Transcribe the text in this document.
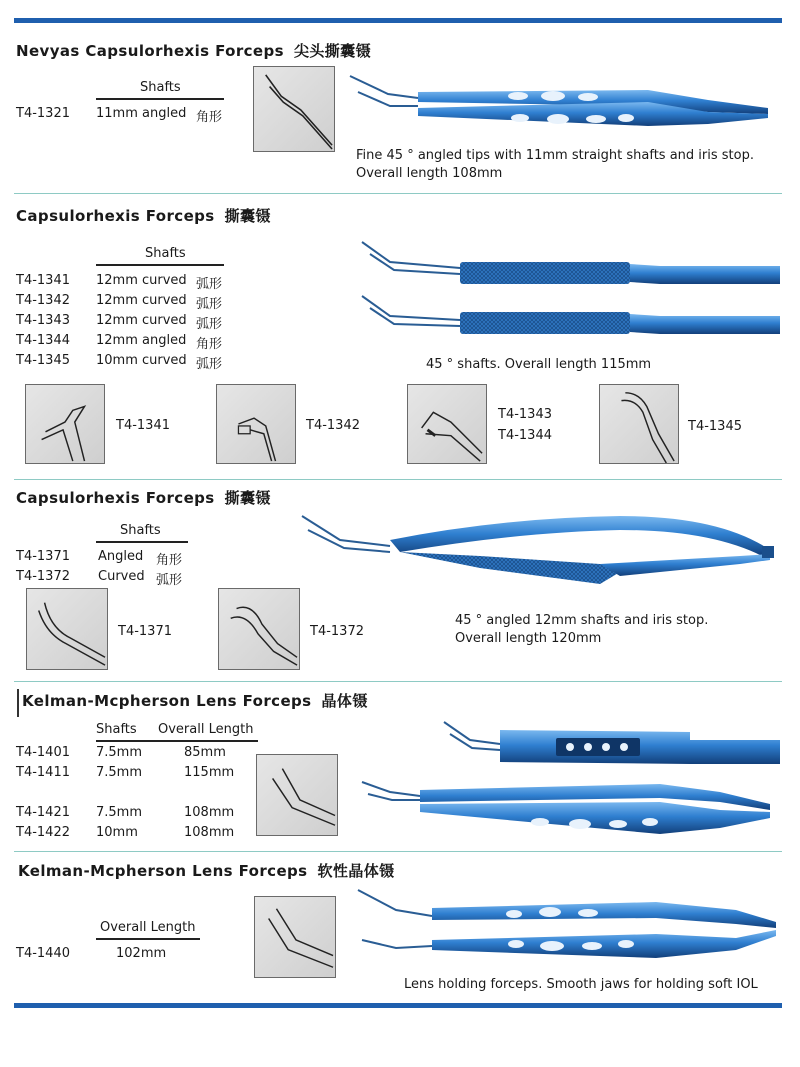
Nevyas Capsulorhexis Forceps 尖头撕囊镊
Shafts
T4-1321 11mm angled 角形
Fine 45 ° angled tips with 11mm straight shafts and iris stop.
Overall length 108mm
Capsulorhexis Forceps 撕囊镊
Shafts
T4-1341 12mm curved 弧形
T4-1342 12mm curved 弧形
T4-1343 12mm curved 弧形
T4-1344 12mm angled 角形
T4-1345 10mm curved 弧形	45 ° shafts. Overall length 115mm
T4-1341	T4-1342
T4-1343
T4-1344
T4-1345
Capsulorhexis Forceps 撕囊镊
Shafts
T4-1371 Angled 角形
T4-1372 Curved 弧形
45 ° angled 12mm shafts and iris stop.
Overall length 120mm
T4-1371	T4-1372
Kelman-Mcpherson Lens Forceps 晶体镊
Shafts Overall Length
T4-1401 7.5mm	85mm
T4-1411 7.5mm	115mm
T4-1421 7.5mm	108mm
T4-1422 10mm	108mm
Kelman-Mcpherson Lens Forceps 软性晶体镊
Overall Length
T4-1440	102mm
Lens holding forceps. Smooth jaws for holding soft IOL
